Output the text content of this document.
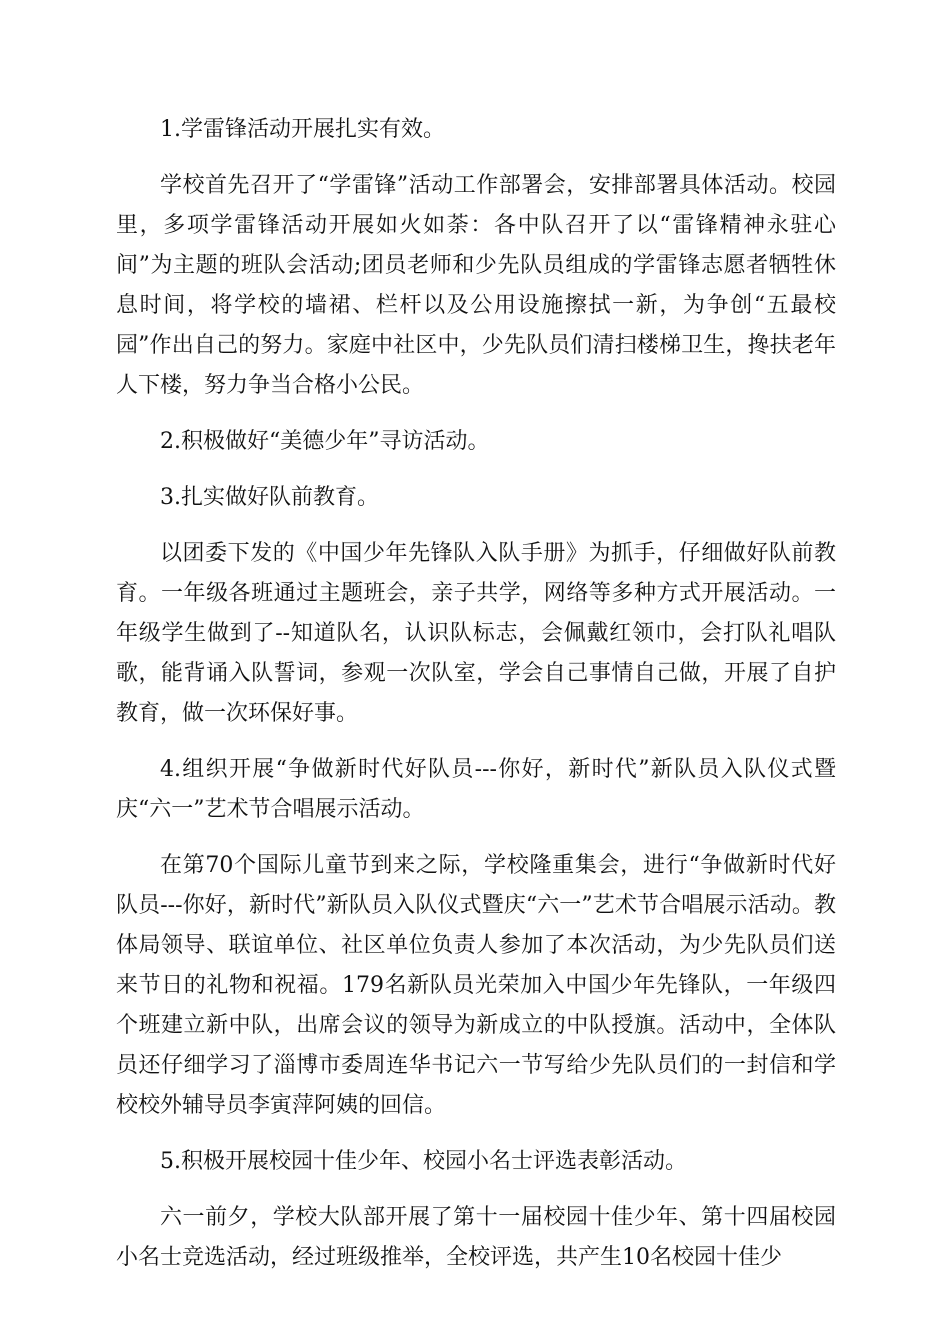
1.学雷锋活动开展扎实有效。

学校首先召开了“学雷锋”活动工作部署会，安排部署具体活动。校园里，多项学雷锋活动开展如火如荼：各中队召开了以“雷锋精神永驻心间”为主题的班队会活动;团员老师和少先队员组成的学雷锋志愿者牺牲休息时间，将学校的墙裙、栏杆以及公用设施擦拭一新，为争创“五最校园”作出自己的努力。家庭中社区中，少先队员们清扫楼梯卫生，搀扶老年人下楼，努力争当合格小公民。

2.积极做好“美德少年”寻访活动。

3.扎实做好队前教育。

以团委下发的《中国少年先锋队入队手册》为抓手，仔细做好队前教育。一年级各班通过主题班会，亲子共学，网络等多种方式开展活动。一年级学生做到了--知道队名，认识队标志，会佩戴红领巾，会打队礼唱队歌，能背诵入队誓词，参观一次队室，学会自己事情自己做，开展了自护教育，做一次环保好事。

4.组织开展“争做新时代好队员---你好，新时代”新队员入队仪式暨庆“六一”艺术节合唱展示活动。

在第70个国际儿童节到来之际，学校隆重集会，进行“争做新时代好队员---你好，新时代”新队员入队仪式暨庆“六一”艺术节合唱展示活动。教体局领导、联谊单位、社区单位负责人参加了本次活动，为少先队员们送来节日的礼物和祝福。179名新队员光荣加入中国少年先锋队，一年级四个班建立新中队，出席会议的领导为新成立的中队授旗。活动中，全体队员还仔细学习了淄博市委周连华书记六一节写给少先队员们的一封信和学校校外辅导员李寅萍阿姨的回信。

5.积极开展校园十佳少年、校园小名士评选表彰活动。

六一前夕，学校大队部开展了第十一届校园十佳少年、第十四届校园小名士竞选活动，经过班级推举，全校评选，共产生10名校园十佳少
